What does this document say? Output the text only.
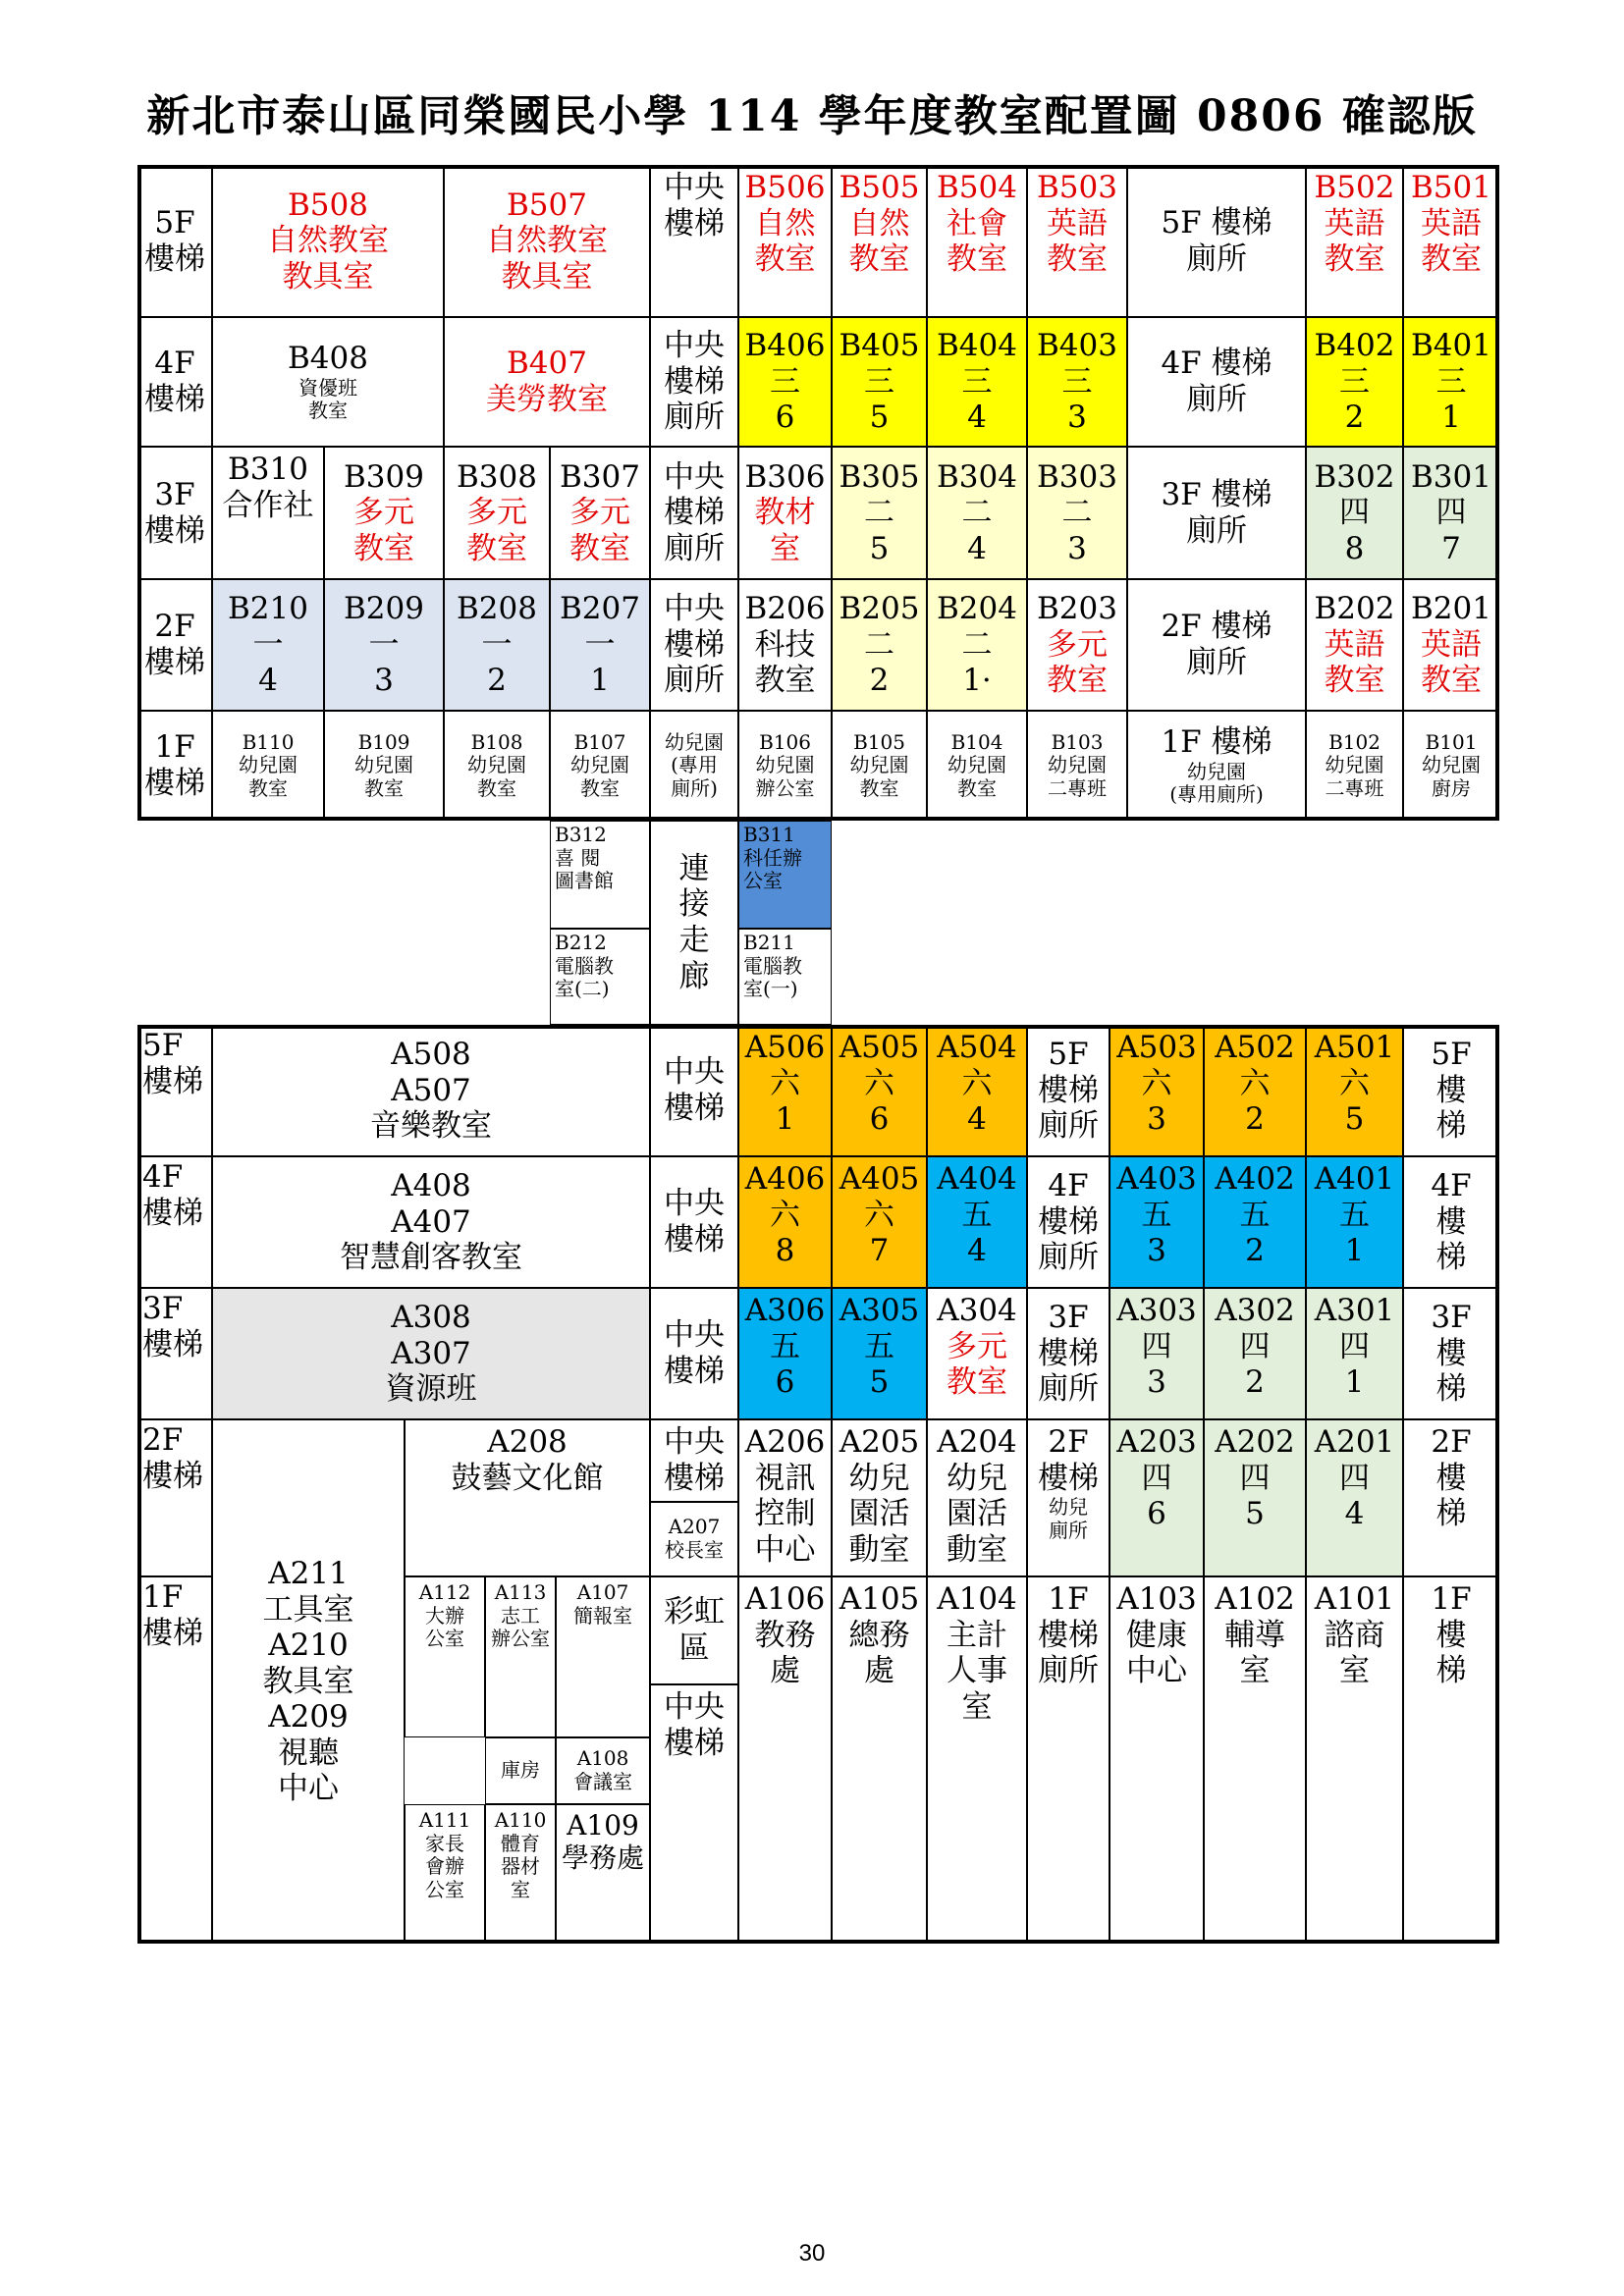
新北市泰山區同榮國民小學 114 學年度教室配置圖 0806 確認版
5F
樓梯
B508
自然教室
教具室
B507
自然教室
教具室
中央
樓梯
B506
自然
教室
B505
自然
教室
B504
社會
教室
B503
英語
教室
5F 樓梯
廁所
B502
英語
教室
B501
英語
教室
4F
樓梯
B408
資優班
教室
B407
美勞教室
中央
樓梯
廁所
B406
三
6
B405
三
5
B404
三
4
B403
三
3
4F 樓梯
廁所
B402
三
2
B401
三
1
3F
樓梯
B310
合作社
B309
多元
教室
B308
多元
教室
B307
多元
教室
中央
樓梯
廁所
B306
教材
室
B305
二
5
B304
二
4
B303
二
3
3F 樓梯
廁所
B302
四
8
B301
四
7
2F
樓梯
B210
一
4
B209
一
3
B208
一
2
B207
一
1
中央
樓梯
廁所
B206
科技
教室
B205
二
2
B204
二
1·
B203
多元
教室
2F 樓梯
廁所
B202
英語
教室
B201
英語
教室
1F
樓梯
B110
幼兒園
教室
B109
幼兒園
教室
B108
幼兒園
教室
B107
幼兒園
教室
幼兒園
(專用
廁所)
B106
幼兒園
辦公室
B105
幼兒園
教室
B104
幼兒園
教室
B103
幼兒園
二專班
1F 樓梯
幼兒園
(專用廁所)
B102
幼兒園
二專班
B101
幼兒園
廚房
B312
喜 閱
圖書館
B212
電腦教
室(二)
連
接
走
廊
B311
科任辦
公室
B211
電腦教
室(一)
5F
樓梯
A508
A507
音樂教室
中央
樓梯
A506
六
1
A505
六
6
A504
六
4
5F
樓梯
廁所
A503
六
3
A502
六
2
A501
六
5
5F
樓
梯
4F
樓梯
A408
A407
智慧創客教室
中央
樓梯
A406
六
8
A405
六
7
A404
五
4
4F
樓梯
廁所
A403
五
3
A402
五
2
A401
五
1
4F
樓
梯
3F
樓梯
A308
A307
資源班
中央
樓梯
A306
五
6
A305
五
5
A304
多元
教室
3F
樓梯
廁所
A303
四
3
A302
四
2
A301
四
1
3F
樓
梯
2F
樓梯
A211
工具室
A210
教具室
A209
視聽
中心
A208
鼓藝文化館
中央
樓梯
A207
校長室
A206
視訊
控制
中心
A205
幼兒
園活
動室
A204
幼兒
園活
動室
2F
樓梯
幼兒
廁所
A203
四
6
A202
四
5
A201
四
4
2F
樓
梯
1F
樓梯
A112
大辦
公室
A113
志工
辦公室
A107
簡報室
庫房 A108
會議室
A111
家長
會辦
公室
A110
體育
器材
室
A109
學務處
彩虹
區
中央
樓梯
A106
教務
處
A105
總務
處
A104
主計
人事
室
1F
樓梯
廁所
A103
健康
中心
A102
輔導
室
A101
諮商
室
1F
樓
梯
30
